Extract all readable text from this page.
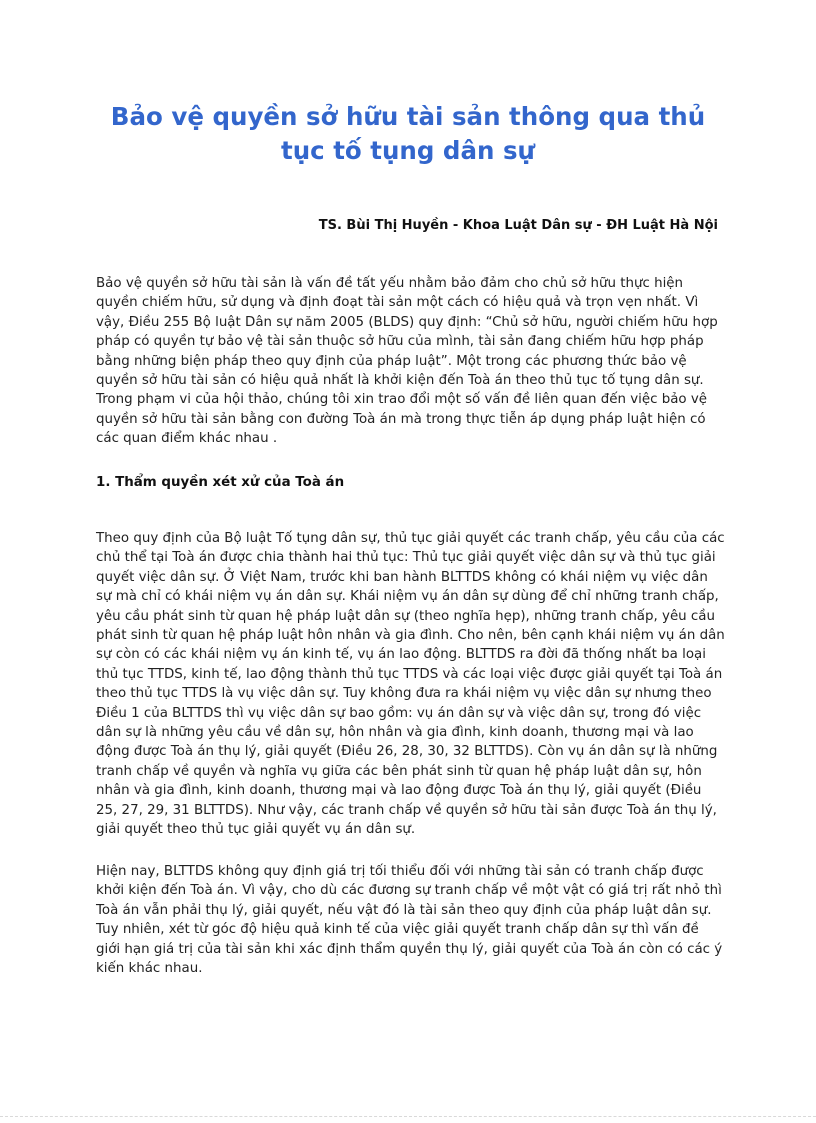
Bảo vệ quyền sở hữu tài sản thông qua thủ tục tố tụng dân sự

TS. Bùi Thị Huyền - Khoa Luật Dân sự - ĐH Luật Hà Nội

Bảo vệ quyền sở hữu tài sản là vấn đề tất yếu nhằm bảo đảm cho chủ sở hữu thực hiện quyền chiếm hữu, sử dụng và định đoạt tài sản một cách có hiệu quả và trọn vẹn nhất. Vì vậy, Điều 255 Bộ luật Dân sự năm 2005 (BLDS) quy định: “Chủ sở hữu, người chiếm hữu hợp pháp có quyền tự bảo vệ tài sản thuộc sở hữu của mình, tài sản đang chiếm hữu hợp pháp bằng những biện pháp theo quy định của pháp luật”. Một trong các phương thức bảo vệ quyền sở hữu tài sản có hiệu quả nhất là khởi kiện đến Toà án theo thủ tục tố tụng dân sự. Trong phạm vi của hội thảo, chúng tôi xin trao đổi một số vấn đề liên quan đến việc bảo vệ quyền sở hữu tài sản bằng con đường Toà án mà trong thực tiễn áp dụng pháp luật hiện có các quan điểm khác nhau .

1. Thẩm quyền xét xử của Toà án

Theo quy định của Bộ luật Tố tụng dân sự, thủ tục giải quyết các tranh chấp, yêu cầu của các chủ thể tại Toà án được chia thành hai thủ tục: Thủ tục giải quyết việc dân sự và thủ tục giải quyết việc dân sự. Ở Việt Nam, trước khi ban hành BLTTDS không có khái niệm vụ việc dân sự mà chỉ có khái niệm vụ án dân sự. Khái niệm vụ án dân sự dùng để chỉ những tranh chấp, yêu cầu phát sinh từ quan hệ pháp luật dân sự (theo nghĩa hẹp), những tranh chấp, yêu cầu phát sinh từ quan hệ pháp luật hôn nhân và gia đình. Cho nên, bên cạnh khái niệm vụ án dân sự còn có các khái niệm vụ án kinh tế, vụ án lao động. BLTTDS ra đời đã thống nhất ba loại thủ tục TTDS, kinh tế, lao động thành thủ tục TTDS và các loại việc được giải quyết tại Toà án theo thủ tục TTDS là vụ việc dân sự. Tuy không đưa ra khái niệm vụ việc dân sự nhưng theo Điều 1 của BLTTDS thì vụ việc dân sự bao gồm: vụ án dân sự và việc dân sự, trong đó việc dân sự là những yêu cầu về dân sự, hôn nhân và gia đình, kinh doanh, thương mại và lao động được Toà án thụ lý, giải quyết (Điều 26, 28, 30, 32 BLTTDS). Còn vụ án dân sự là những tranh chấp về quyền và nghĩa vụ giữa các bên phát sinh từ quan hệ pháp luật dân sự, hôn nhân và gia đình, kinh doanh, thương mại và lao động được Toà án thụ lý, giải quyết (Điều 25, 27, 29, 31 BLTTDS). Như vậy, các tranh chấp về quyền sở hữu tài sản được Toà án thụ lý, giải quyết theo thủ tục giải quyết vụ án dân sự.

Hiện nay, BLTTDS không quy định giá trị tối thiểu đối với những tài sản có tranh chấp được khởi kiện đến Toà án. Vì vậy, cho dù các đương sự tranh chấp về một vật có giá trị rất nhỏ thì Toà án vẫn phải thụ lý, giải quyết, nếu vật đó là tài sản theo quy định của pháp luật dân sự. Tuy nhiên, xét từ góc độ hiệu quả kinh tế của việc giải quyết tranh chấp dân sự thì vấn đề giới hạn giá trị của tài sản khi xác định thẩm quyền thụ lý, giải quyết của Toà án còn có các ý kiến khác nhau.
